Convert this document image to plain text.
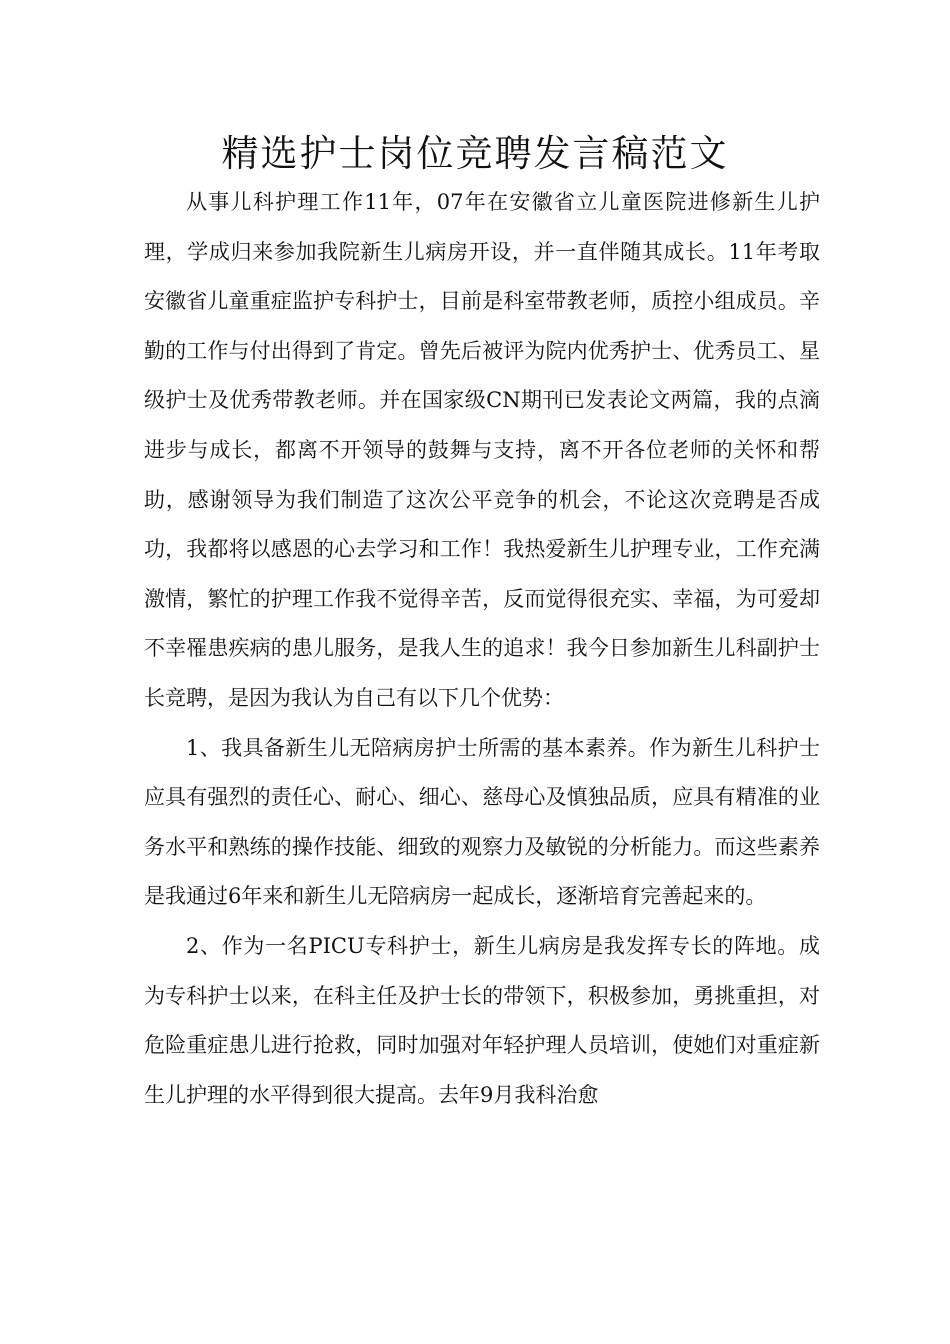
精选护士岗位竞聘发言稿范文

从事儿科护理工作11年，07年在安徽省立儿童医院进修新生儿护理，学成归来参加我院新生儿病房开设，并一直伴随其成长。11年考取安徽省儿童重症监护专科护士，目前是科室带教老师，质控小组成员。辛勤的工作与付出得到了肯定。曾先后被评为院内优秀护士、优秀员工、星级护士及优秀带教老师。并在国家级CN期刊已发表论文两篇，我的点滴进步与成长，都离不开领导的鼓舞与支持，离不开各位老师的关怀和帮助，感谢领导为我们制造了这次公平竞争的机会，不论这次竞聘是否成功，我都将以感恩的心去学习和工作！我热爱新生儿护理专业，工作充满激情，繁忙的护理工作我不觉得辛苦，反而觉得很充实、幸福，为可爱却不幸罹患疾病的患儿服务，是我人生的追求！我今日参加新生儿科副护士长竞聘，是因为我认为自己有以下几个优势：

1、我具备新生儿无陪病房护士所需的基本素养。作为新生儿科护士应具有强烈的责任心、耐心、细心、慈母心及慎独品质，应具有精准的业务水平和熟练的操作技能、细致的观察力及敏锐的分析能力。而这些素养是我通过6年来和新生儿无陪病房一起成长，逐渐培育完善起来的。

2、作为一名PICU专科护士，新生儿病房是我发挥专长的阵地。成为专科护士以来，在科主任及护士长的带领下，积极参加，勇挑重担，对危险重症患儿进行抢救，同时加强对年轻护理人员培训，使她们对重症新生儿护理的水平得到很大提高。去年9月我科治愈
